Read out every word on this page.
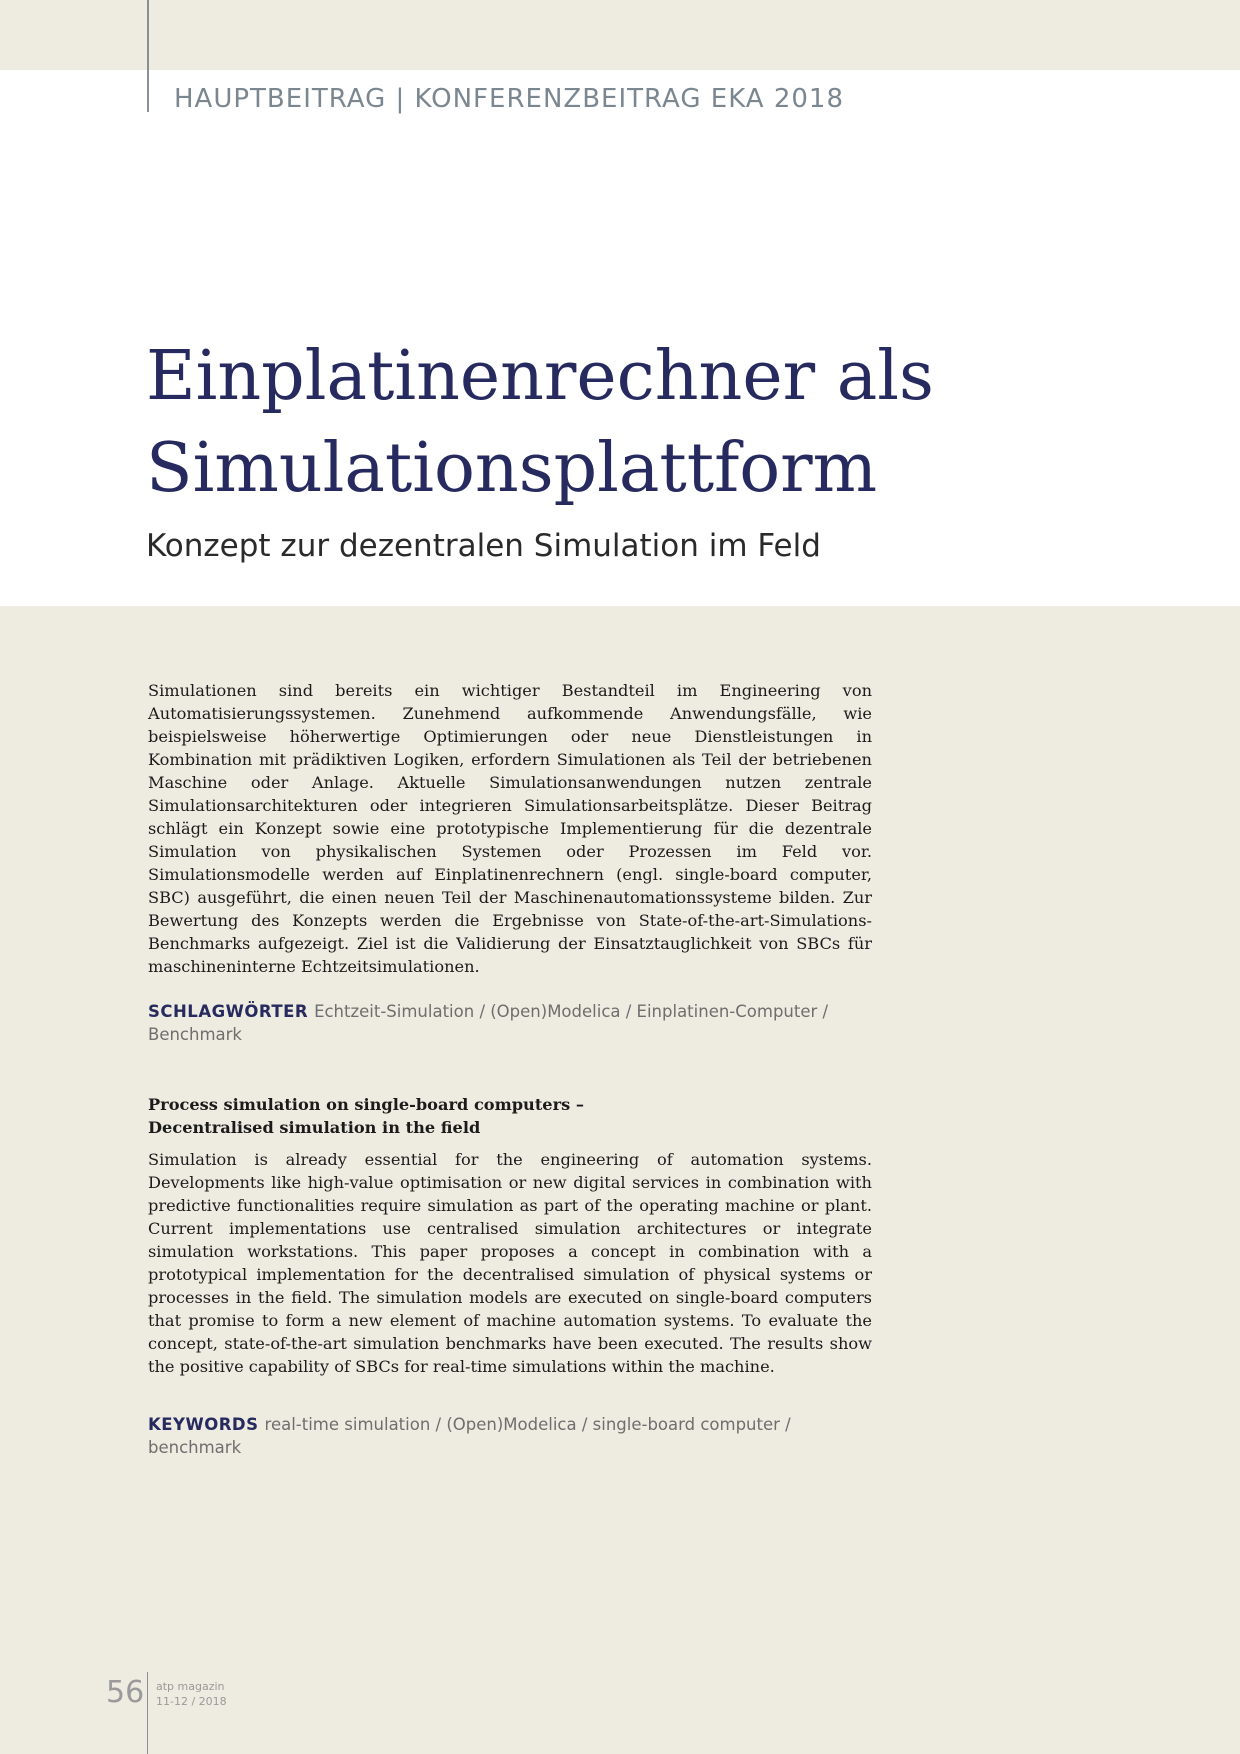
HAUPTBEITRAG | KONFERENZBEITRAG EKA 2018
Einplatinenrechner als
Simulationsplattform
Konzept zur dezentralen Simulation im Feld

Simulationen sind bereits ein wichtiger Bestandteil im Engineering von Automatisierungssystemen. Zunehmend aufkommende Anwendungsfälle, wie beispielsweise höherwertige Optimierungen oder neue Dienstleistungen in Kombination mit prädiktiven Logiken, erfordern Simulationen als Teil der betriebenen Maschine oder Anlage. Aktuelle Simulationsanwendungen nutzen zentrale Simulationsarchitekturen oder integrieren Simulationsarbeitsplätze. Dieser Beitrag schlägt ein Konzept sowie eine prototypische Implementierung für die dezentrale Simulation von physikalischen Systemen oder Prozessen im Feld vor. Simulationsmodelle werden auf Einplatinenrechnern (engl. single-board computer, SBC) ausgeführt, die einen neuen Teil der Maschinenautomationssysteme bilden. Zur Bewertung des Konzepts werden die Ergebnisse von State-of-the-art-Simulations-Benchmarks aufgezeigt. Ziel ist die Validierung der Einsatztauglichkeit von SBCs für maschineninterne Echtzeitsimulationen.

SCHLAGWÖRTER Echtzeit-Simulation / (Open)Modelica / Einplatinen-Computer / Benchmark
Process simulation on single-board computers –
Decentralised simulation in the field

Simulation is already essential for the engineering of automation systems. Developments like high-value optimisation or new digital services in combination with predictive functionalities require simulation as part of the operating machine or plant. Current implementations use centralised simulation architectures or integrate simulation workstations. This paper proposes a concept in combination with a prototypical implementation for the decentralised simulation of physical systems or processes in the field. The simulation models are executed on single-board computers that promise to form a new element of machine automation systems. To evaluate the concept, state-of-the-art simulation benchmarks have been executed. The results show the positive capability of SBCs for real-time simulations within the machine.

KEYWORDS real-time simulation / (Open)Modelica / single-board computer / benchmark
56 atp magazin
11-12 / 2018
